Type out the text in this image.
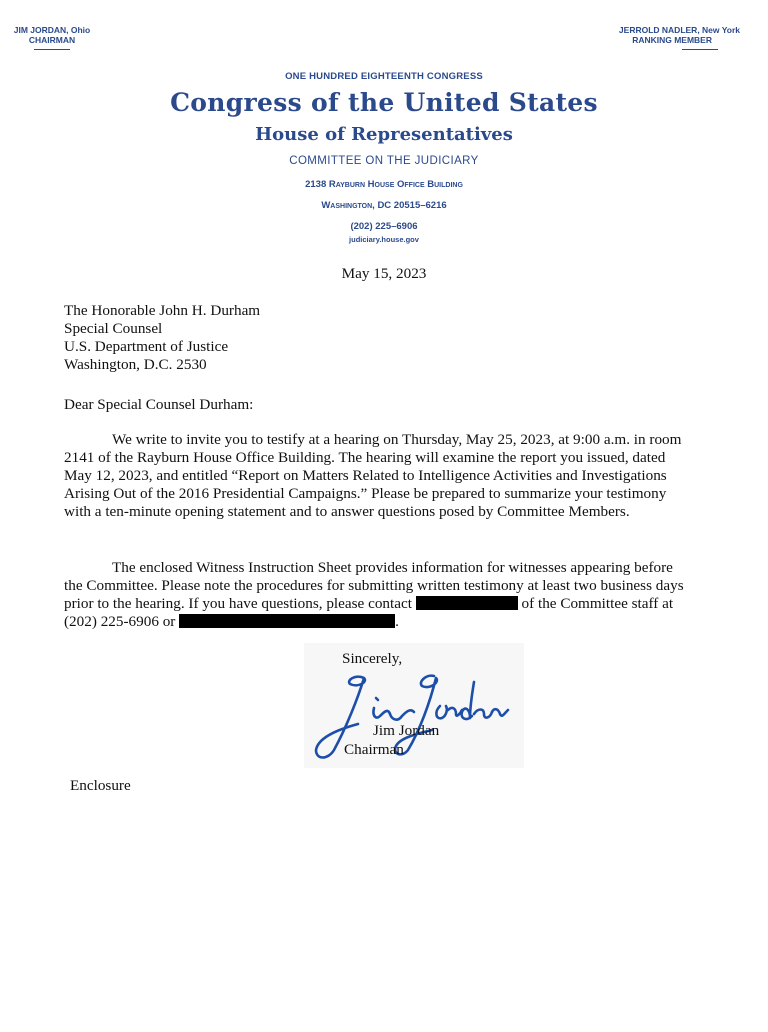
JIM JORDAN, Ohio
CHAIRMAN
JERROLD NADLER, New York
RANKING MEMBER
ONE HUNDRED EIGHTEENTH CONGRESS
Congress of the United States
House of Representatives
COMMITTEE ON THE JUDICIARY
2138 Rayburn House Office Building
Washington, DC 20515–6216
(202) 225–6906
judiciary.house.gov
May 15, 2023
The Honorable John H. Durham
Special Counsel
U.S. Department of Justice
Washington, D.C. 2530
Dear Special Counsel Durham:
We write to invite you to testify at a hearing on Thursday, May 25, 2023, at 9:00 a.m. in room 2141 of the Rayburn House Office Building. The hearing will examine the report you issued, dated May 12, 2023, and entitled “Report on Matters Related to Intelligence Activities and Investigations Arising Out of the 2016 Presidential Campaigns.” Please be prepared to summarize your testimony with a ten-minute opening statement and to answer questions posed by Committee Members.
The enclosed Witness Instruction Sheet provides information for witnesses appearing before the Committee. Please note the procedures for submitting written testimony at least two business days prior to the hearing. If you have questions, please contact	of the Committee staff at (202) 225-6906 or	.
Sincerely,
Jim Jordan
Chairman
Enclosure
